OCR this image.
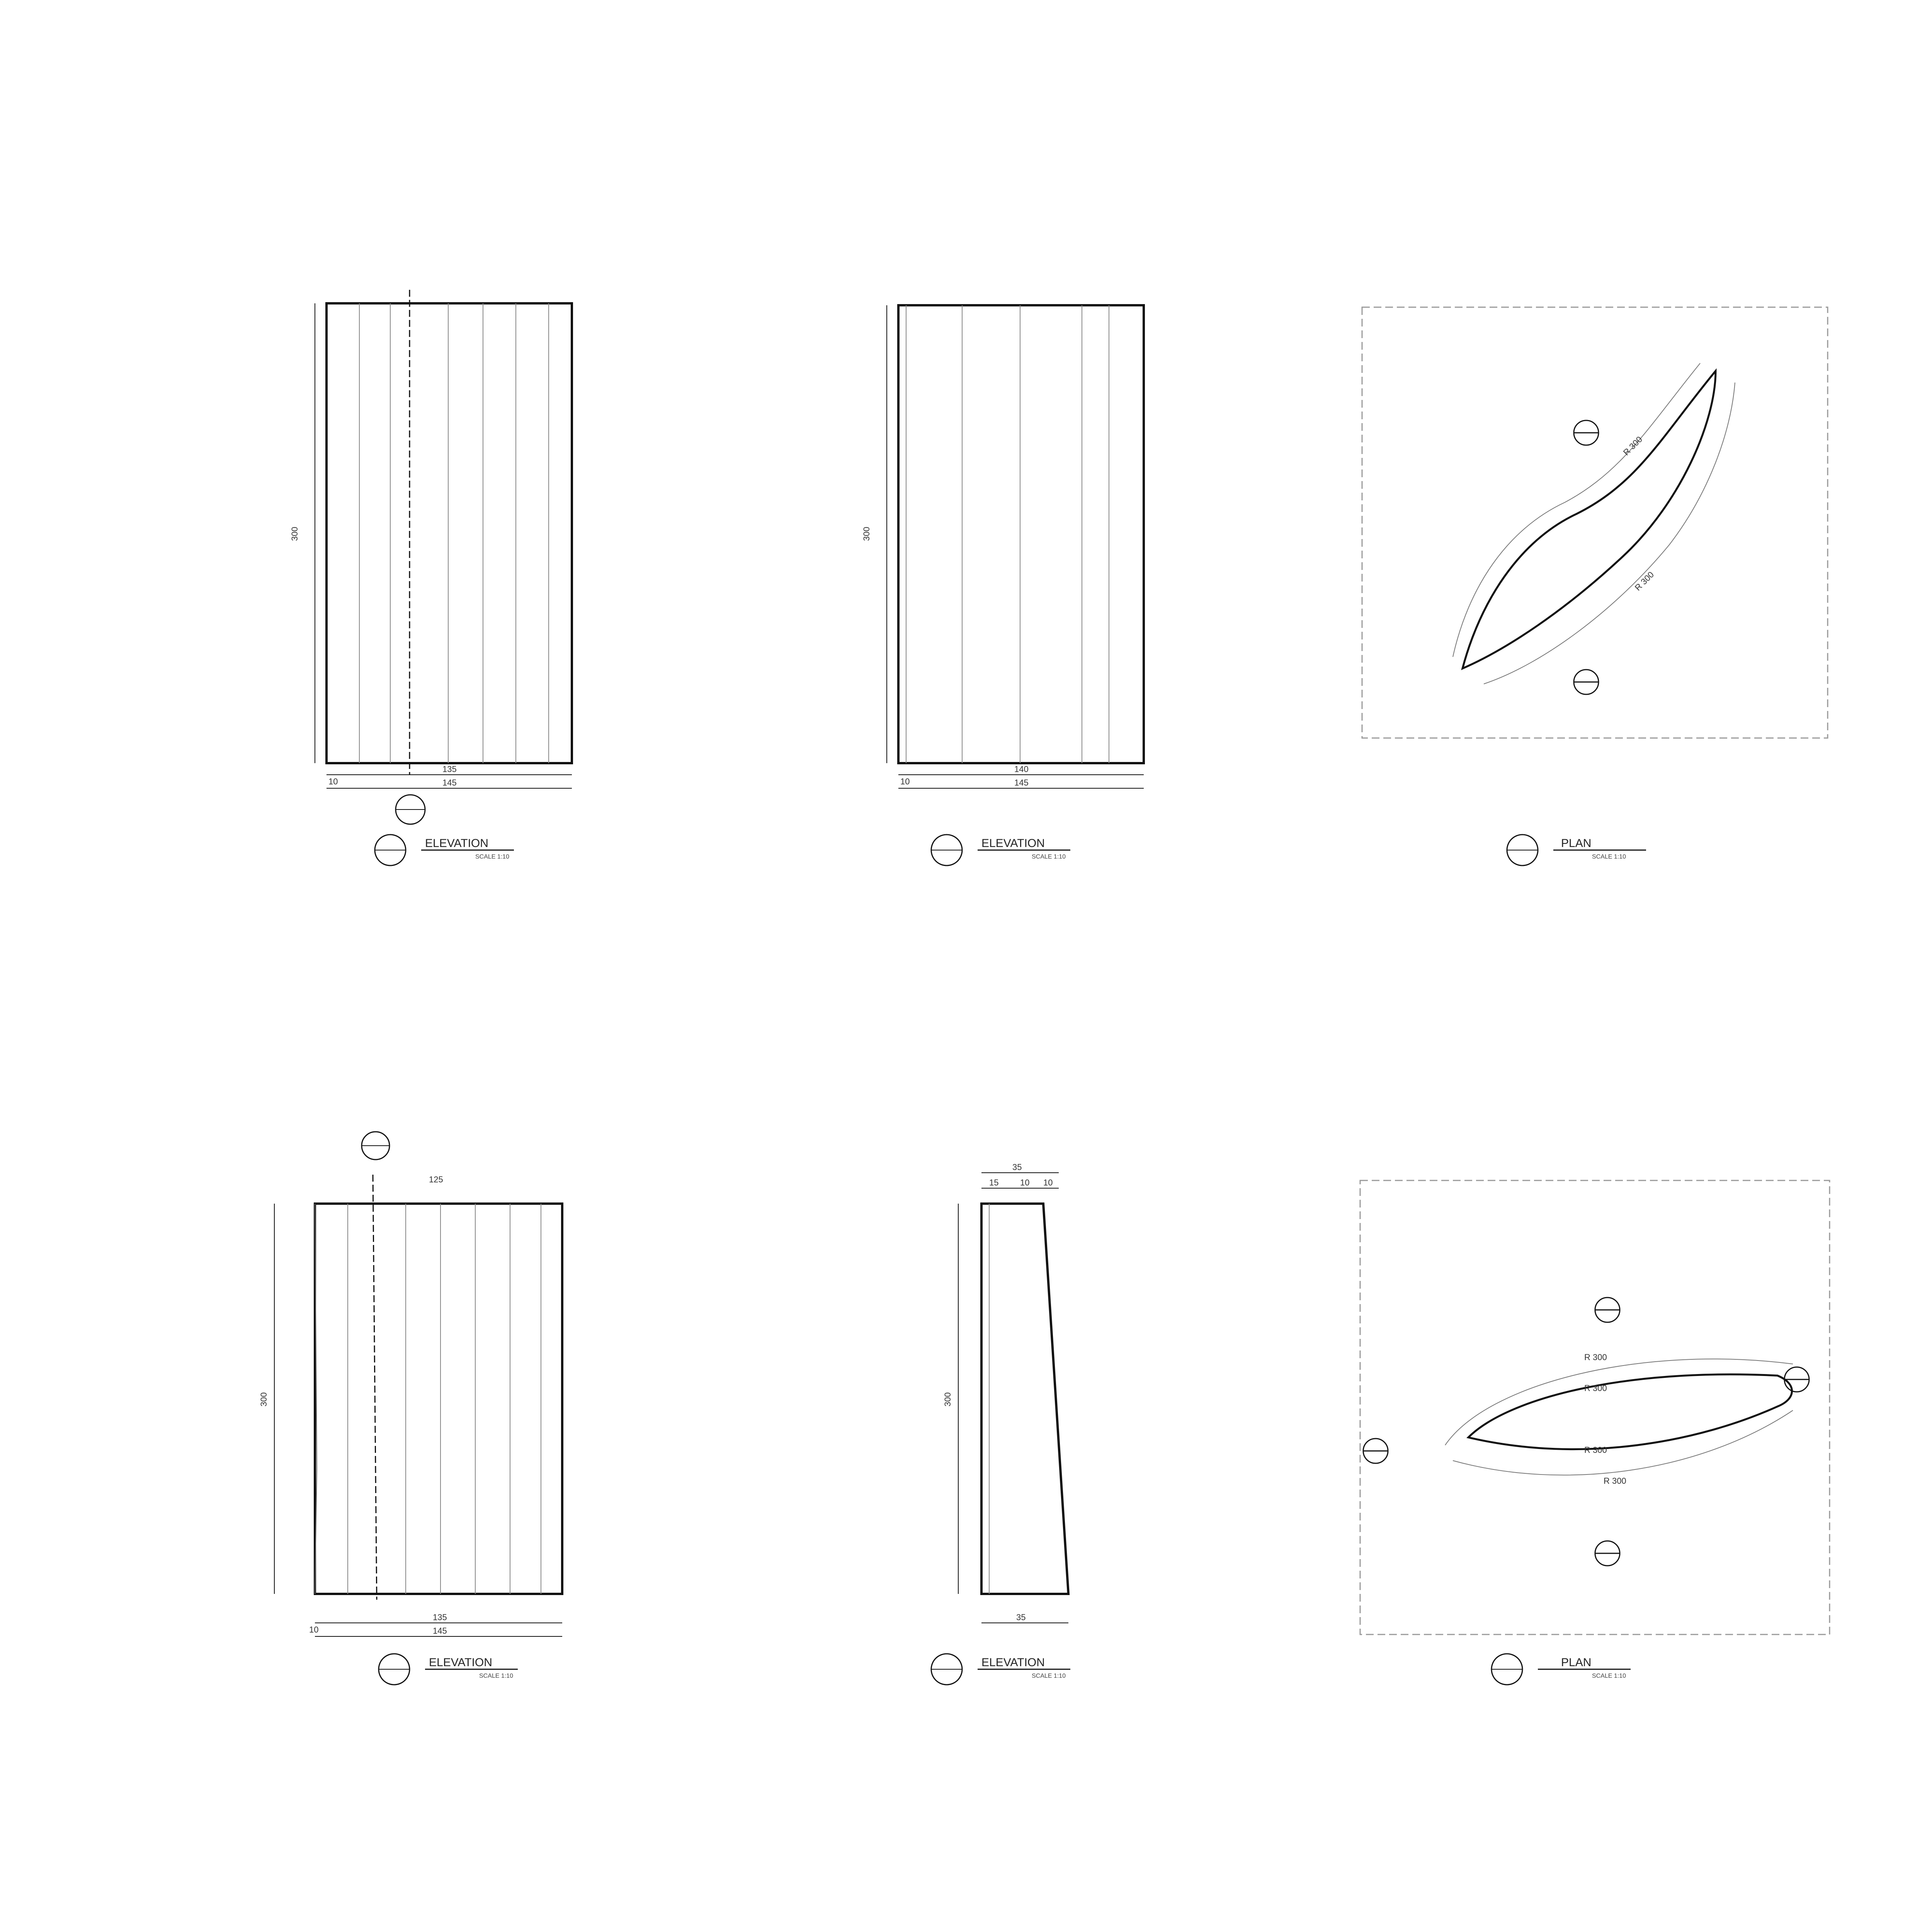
ELEVATION
SCALE 1:10
300
135
145
10
ELEVATION
SCALE 1:10
300
140
145
10
PLAN
SCALE 1:10
R 300
R 300
ELEVATION
SCALE 1:10
300
125
135
145
10
ELEVATION
SCALE 1:10
300
35
15	10 10
35
PLAN
SCALE 1:10
R 300
R 300
R 300
R 300
